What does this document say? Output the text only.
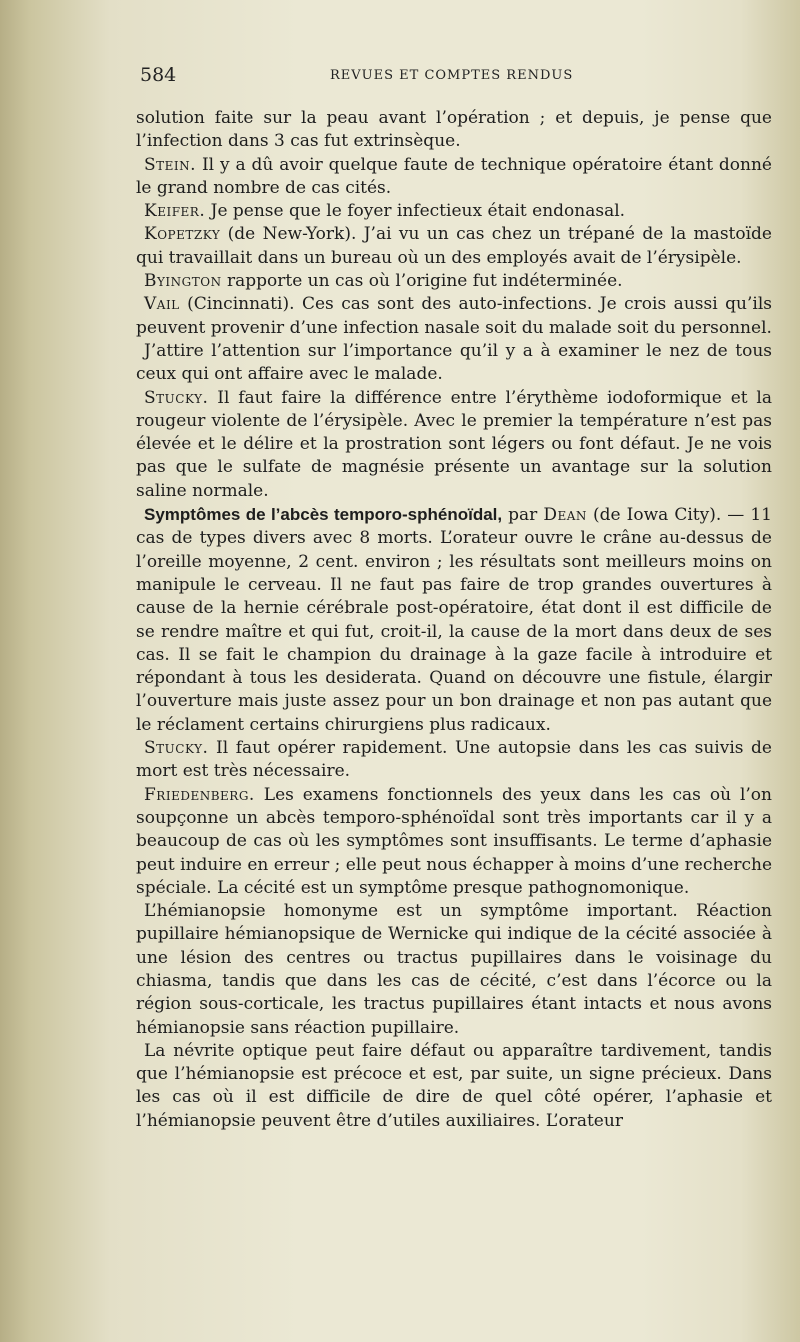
584	REVUES ET COMPTES RENDUS

solution faite sur la peau avant l’opération ; et depuis, je pense que l’infection dans 3 cas fut extrinsèque.

Stein. Il y a dû avoir quelque faute de technique opératoire étant donné le grand nombre de cas cités.

Keifer. Je pense que le foyer infectieux était endonasal.

Kopetzky (de New-York). J’ai vu un cas chez un trépané de la mastoïde qui travaillait dans un bureau où un des employés avait de l’érysipèle.

Byington rapporte un cas où l’origine fut indéterminée.

Vail (Cincinnati). Ces cas sont des auto-infections. Je crois aussi qu’ils peuvent provenir d’une infection nasale soit du malade soit du personnel.

J’attire l’attention sur l’importance qu’il y a à examiner le nez de tous ceux qui ont affaire avec le malade.

Stucky. Il faut faire la différence entre l’érythème iodoformique et la rougeur violente de l’érysipèle. Avec le premier la température n’est pas élevée et le délire et la prostration sont légers ou font défaut. Je ne vois pas que le sulfate de magnésie présente un avantage sur la solution saline normale.

Symptômes de l’abcès temporo-sphénoïdal, par Dean (de Iowa City). — 11 cas de types divers avec 8 morts. L’orateur ouvre le crâne au-dessus de l’oreille moyenne, 2 cent. environ ; les résultats sont meilleurs moins on manipule le cerveau. Il ne faut pas faire de trop grandes ouvertures à cause de la hernie cérébrale post-opératoire, état dont il est difficile de se rendre maître et qui fut, croit-il, la cause de la mort dans deux de ses cas. Il se fait le champion du drainage à la gaze facile à introduire et répondant à tous les desiderata. Quand on découvre une fistule, élargir l’ouverture mais juste assez pour un bon drainage et non pas autant que le réclament certains chirurgiens plus radicaux.

Stucky. Il faut opérer rapidement. Une autopsie dans les cas suivis de mort est très nécessaire.

Friedenberg. Les examens fonctionnels des yeux dans les cas où l’on soupçonne un abcès temporo-sphénoïdal sont très importants car il y a beaucoup de cas où les symptômes sont insuffisants. Le terme d’aphasie peut induire en erreur ; elle peut nous échapper à moins d’une recherche spéciale. La cécité est un symptôme presque pathognomonique.

L’hémianopsie homonyme est un symptôme important. Réaction pupillaire hémianopsique de Wernicke qui indique de la cécité associée à une lésion des centres ou tractus pupillaires dans le voisinage du chiasma, tandis que dans les cas de cécité, c’est dans l’écorce ou la région sous-corticale, les tractus pupillaires étant intacts et nous avons hémianopsie sans réaction pupillaire.

La névrite optique peut faire défaut ou apparaître tardivement, tandis que l’hémianopsie est précoce et est, par suite, un signe précieux. Dans les cas où il est difficile de dire de quel côté opérer, l’aphasie et l’hémianopsie peuvent être d’utiles auxiliaires. L’orateur
